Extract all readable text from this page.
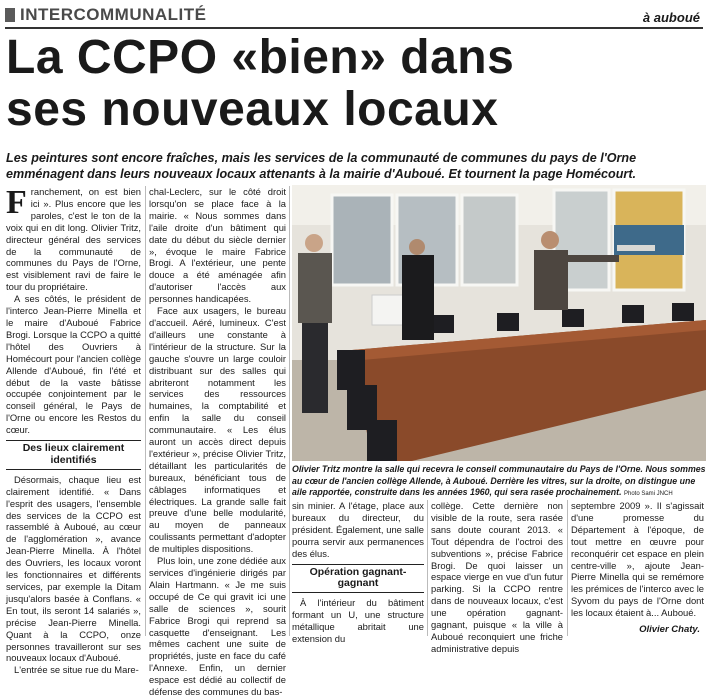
INTERCOMMUNALITÉ	à auboué
La CCPO «bien» dans
ses nouveaux locaux
Les peintures sont encore fraîches, mais les services de la communauté de communes du pays de l'Orne emménagent dans leurs nouveaux locaux attenants à la mairie d'Auboué. Et tournent la page Homécourt.

Franchement, on est bien ici ». Plus encore que les paroles, c'est le ton de la voix qui en dit long. Olivier Tritz, directeur général des services de la communauté de communes du Pays de l'Orne, est visiblement ravi de faire le tour du propriétaire.

A ses côtés, le président de l'interco Jean-Pierre Minella et le maire d'Auboué Fabrice Brogi. Lorsque la CCPO a quitté l'hôtel des Ouvriers à Homécourt pour l'ancien collège Allende d'Auboué, fin l'été et début de la vaste bâtisse occupée conjointement par le conseil général, le Pays de l'Orne ou encore les Restos du cœur.

Des lieux clairement identifiés

Désormais, chaque lieu est clairement identifié. « Dans l'esprit des usagers, l'ensemble des services de la CCPO est rassemblé à Auboué, au cœur de l'agglomération », avance Jean-Pierre Minella. À l'hôtel des Ouvriers, les locaux voront les fonctionnaires et différents services, par exemple la Ditam jusqu'alors basée à Conflans. « En tout, ils seront 14 salariés », précise Jean-Pierre Minella. Quant à la CCPO, onze personnes travailleront sur ses nouveaux locaux d'Auboué.

L'entrée se situe rue du Mare-

chal-Leclerc, sur le côté droit lorsqu'on se place face à la mairie. « Nous sommes dans l'aile droite d'un bâtiment qui date du début du siècle dernier », évoque le maire Fabrice Brogi. A l'extérieur, une pente douce a été aménagée afin d'autoriser l'accès aux personnes handicapées.

Face aux usagers, le bureau d'accueil. Aéré, lumineux. C'est d'ailleurs une constante à l'intérieur de la structure. Sur la gauche s'ouvre un large couloir distribuant sur des salles qui abriteront notamment les services des ressources humaines, la comptabilité et enfin la salle du conseil communautaire. « Les élus auront un accès direct depuis l'extérieur », précise Olivier Tritz, détaillant les particularités de bureaux, bénéficiant tous de câblages informatiques et électriques. La grande salle fait preuve d'une belle modularité, au moyen de panneaux coulissants permettant d'adopter de multiples dispositions.

Plus loin, une zone dédiée aux services d'ingénierie dirigés par Alain Hartmann. « Je me suis occupé de Ce qui gravit ici une salle de sciences », sourit Fabrice Brogi qui reprend sa casquette d'enseignant. Les mêmes cachent une suite de propriétés, juste en face du café l'Annexe. Enfin, un dernier espace est dédié au collectif de défense des communes du bas-

Olivier Tritz montre la salle qui recevra le conseil communautaire du Pays de l'Orne. Nous sommes au cœur de l'ancien collège Allende, à Auboué. Derrière les vitres, sur la droite, on distingue une aile rapportée, construite dans les années 1960, qui sera rasée prochainement. Photo Sami JNCH

sin minier. A l'étage, place aux bureaux du directeur, du président. Également, une salle pourra servir aux permanences des élus.

Opération gagnant-gagnant

À l'intérieur du bâtiment formant un U, une structure métallique abritait une extension du

collège. Cette dernière non visible de la route, sera rasée sans doute courant 2013. « Tout dépendra de l'octroi des subventions », précise Fabrice Brogi. De quoi laisser un espace vierge en vue d'un futur parking. Si la CCPO rentre dans de nouveaux locaux, c'est une opération gagnant-gagnant, puisque « la ville à Auboué reconquiert une friche administrative depuis

septembre 2009 ». Il s'agissait d'une promesse du Département à l'époque, de tout mettre en œuvre pour reconquérir cet espace en plein centre-ville », ajoute Jean-Pierre Minella qui se remémore les prémices de l'interco avec le Syvom du pays de l'Orne dont les locaux étaient à... Auboué.

Olivier Chaty.
